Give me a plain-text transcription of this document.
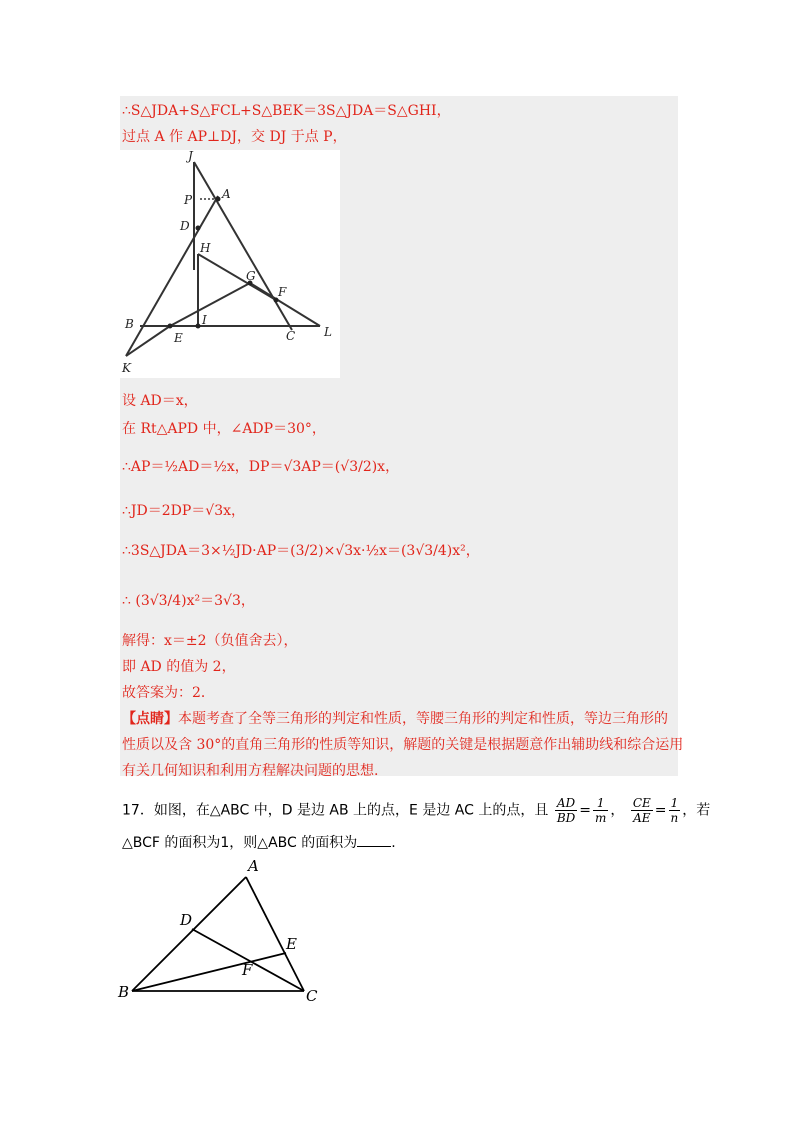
∴S△JDA+S△FCL+S△BEK＝3S△JDA＝S△GHI，
过点 A 作 AP⊥DJ，交 DJ 于点 P，
J
A
P
D
H
G
F
B
E
I
C L
K
设 AD＝x，
在 Rt△APD 中，∠ADP＝30°，
∴AP＝½AD＝½x，DP＝√3AP＝(√3/2)x，
∴JD＝2DP＝√3x，
∴3S△JDA＝3×½JD·AP＝(3/2)×√3x·½x＝(3√3/4)x²，
∴ (3√3/4)x²＝3√3，
解得：x＝±2（负值舍去），
即 AD 的值为 2，
故答案为：2．
【点睛】本题考查了全等三角形的判定和性质，等腰三角形的判定和性质，等边三角形的
性质以及含 30°的直角三角形的性质等知识，解题的关键是根据题意作出辅助线和综合运用
有关几何知识和利用方程解决问题的思想.
17．如图，在△ABC 中，D 是边 AB 上的点，E 是边 AC 上的点，且 $\frac{AD}{BD} = \frac{1}{m}$ ， $\frac{CE}{AE} = \frac{1}{n}$ ，若
△BCF 的面积为1，则△ABC 的面积为 .
A
D
E
F
B	C
